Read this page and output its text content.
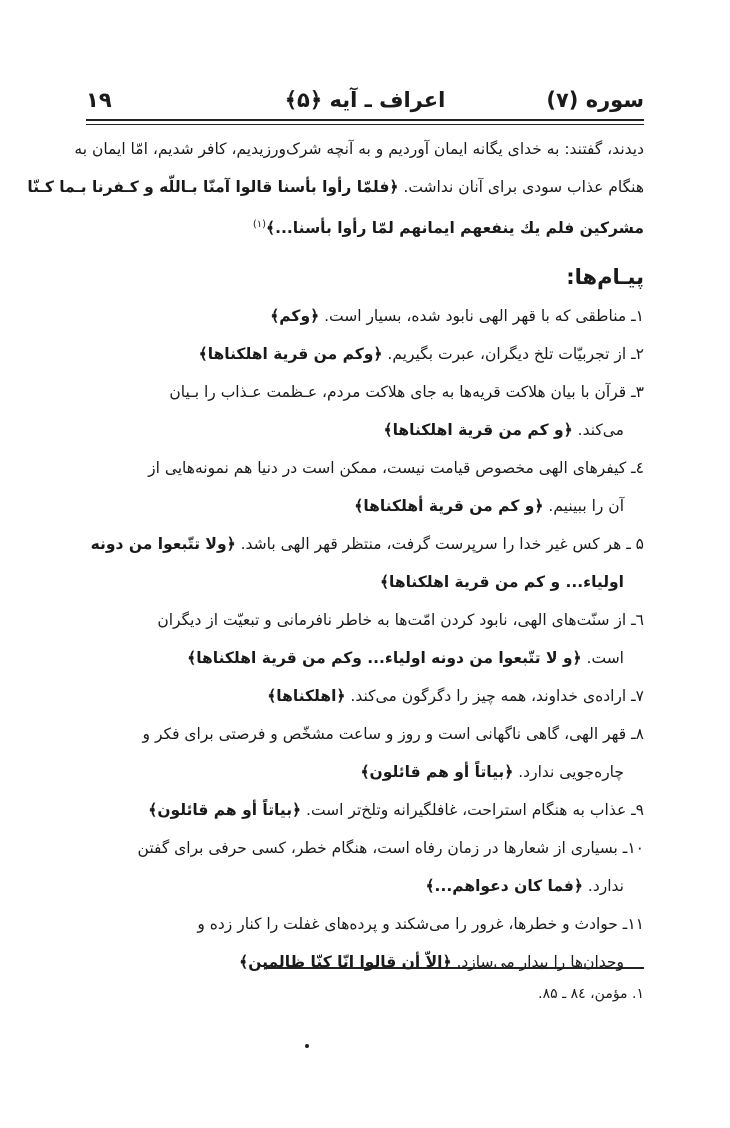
سوره (۷)
اعراف ـ آیه ﴿۵﴾
۱۹
دیدند، گفتند: به خدای یگانه ایمان آوردیم و به آنچه شرک‌ورزیدیم، کافر شدیم، امّا ایمان به
هنگام عذاب سودی برای آنان نداشت. ﴿فلمّا رأوا بأسنا قالوا آمنّا بـاللّه و کـفرنا بـما کـنّا
مشرکین فلم یك ینفعهم ایمانهم لمّا رأوا بأسنا...﴾$^{(۱)}$
پیـام‌ها:
۱ـ مناطقی که با قهر الهی نابود شده، بسیار است. ﴿وکم﴾
۲ـ از تجربیّات تلخ دیگران، عبرت بگیریم. ﴿وکم من قریة اهلکناها﴾
۳ـ قرآن با بیان هلاکت قریه‌ها به جای هلاکت مردم، عـظمت عـذاب را بـیان
می‌کند. ﴿و کم من قریة اهلکناها﴾
٤ـ کیفرهای الهی مخصوص قیامت نیست، ممکن است در دنیا هم نمونه‌هایی از
آن را ببینیم. ﴿و کم من قریة أهلکناها﴾
۵ ـ هر کس غیر خدا را سرپرست گرفت، منتظر قهر الهی باشد. ﴿ولا تتّبعوا من دونه
اولیاء... و کم من قریة اهلکناها﴾
٦ـ از سنّت‌های الهی، نابود کردن امّت‌ها به خاطر نافرمانی و تبعیّت از دیگران
است. ﴿و لا تتّبعوا من دونه اولیاء... وکم من قریة اهلکناها﴾
۷ـ اراده‌ی خداوند، همه چیز را دگرگون می‌کند. ﴿اهلکناها﴾
۸ـ قهر الهی، گاهی ناگهانی است و روز و ساعت مشخّص و فرصتی برای فکر و
چاره‌جویی ندارد. ﴿بیاتاً أو هم قائلون﴾
۹ـ عذاب به هنگام استراحت، غافلگیرانه وتلخ‌تر است. ﴿بیاتاً أو هم قائلون﴾
۱۰ـ بسیاری از شعارها در زمان رفاه است، هنگام خطر، کسی حرفی برای گفتن
ندارد. ﴿فما کان دعواهم...﴾
۱۱ـ حوادث و خطرها، غرور را می‌شکند و پرده‌های غفلت را کنار زده و
وجدان‌ها را بیدار می‌سازد. ﴿الاّ أن قالوا انّا کنّا ظالمین﴾
۱. مؤمن، ۸٤ ـ ۸۵.
